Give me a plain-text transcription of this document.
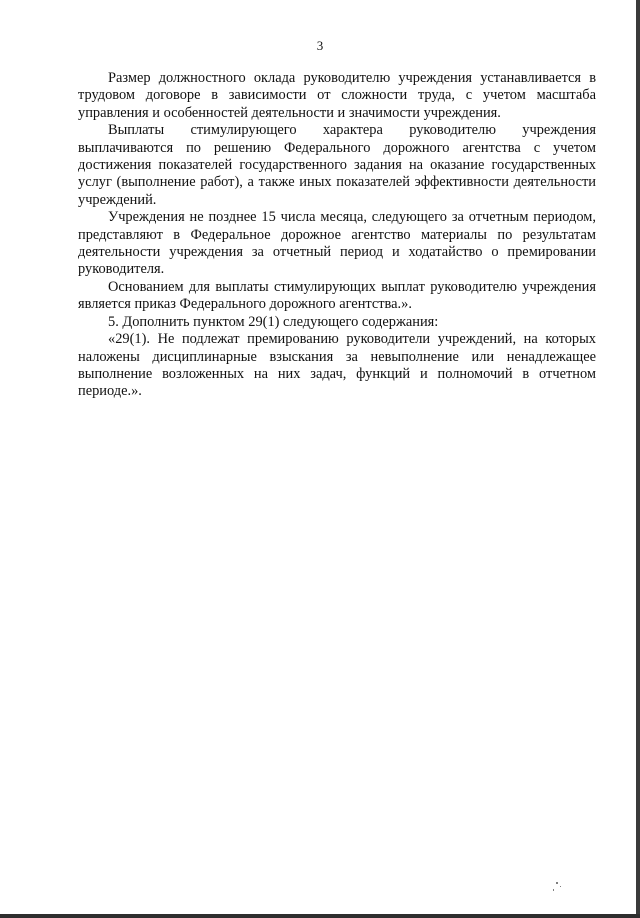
3

Размер должностного оклада руководителю учреждения устанавливается в трудовом договоре в зависимости от сложности труда, с учетом масштаба управления и особенностей деятельности и значимости учреждения.

Выплаты стимулирующего характера руководителю учреждения выплачиваются по решению Федерального дорожного агентства с учетом достижения показателей государственного задания на оказание государственных услуг (выполнение работ), а также иных показателей эффективности деятельности учреждений.

Учреждения не позднее 15 числа месяца, следующего за отчетным периодом, представляют в Федеральное дорожное агентство материалы по результатам деятельности учреждения за отчетный период и ходатайство о премировании руководителя.

Основанием для выплаты стимулирующих выплат руководителю учреждения является приказ Федерального дорожного агентства.».

5. Дополнить пунктом 29(1) следующего содержания:

«29(1). Не подлежат премированию руководители учреждений, на которых наложены дисциплинарные взыскания за невыполнение или ненадлежащее выполнение возложенных на них задач, функций и полномочий в отчетном периоде.».
